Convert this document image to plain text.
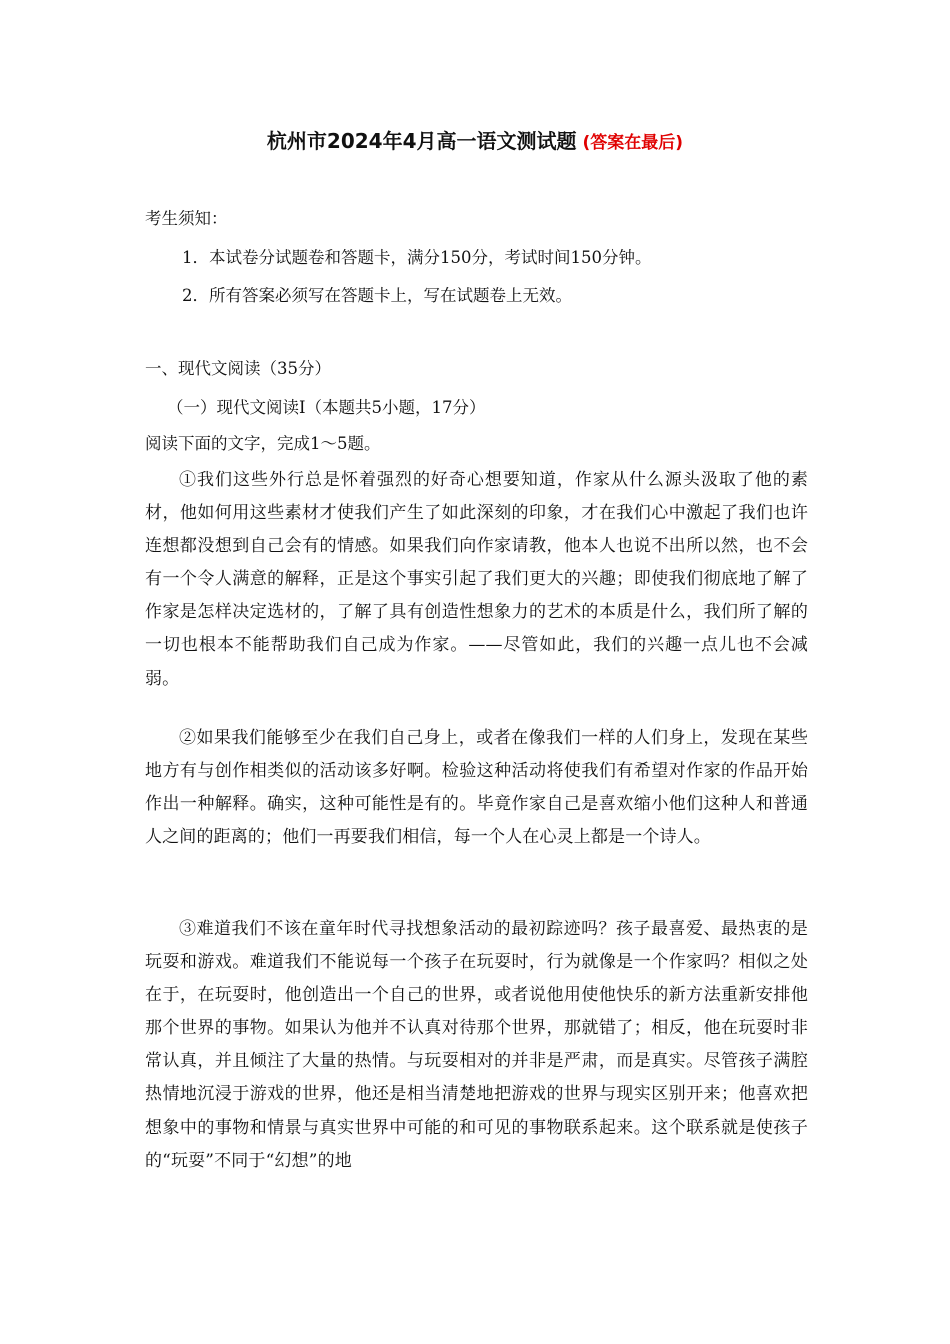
杭州市2024年4月高一语文测试题 (答案在最后)
考生须知：
1．本试卷分试题卷和答题卡，满分150分，考试时间150分钟。
2．所有答案必须写在答题卡上，写在试题卷上无效。
一、现代文阅读（35分）
（一）现代文阅读Ⅰ（本题共5小题，17分）
阅读下面的文字，完成1～5题。
①我们这些外行总是怀着强烈的好奇心想要知道，作家从什么源头汲取了他的素材，他如何用这些素材才使我们产生了如此深刻的印象，才在我们心中激起了我们也许连想都没想到自己会有的情感。如果我们向作家请教，他本人也说不出所以然，也不会有一个令人满意的解释，正是这个事实引起了我们更大的兴趣；即使我们彻底地了解了作家是怎样决定选材的，了解了具有创造性想象力的艺术的本质是什么，我们所了解的一切也根本不能帮助我们自己成为作家。——尽管如此，我们的兴趣一点儿也不会减弱。
②如果我们能够至少在我们自己身上，或者在像我们一样的人们身上，发现在某些地方有与创作相类似的活动该多好啊。检验这种活动将使我们有希望对作家的作品开始作出一种解释。确实，这种可能性是有的。毕竟作家自己是喜欢缩小他们这种人和普通人之间的距离的；他们一再要我们相信，每一个人在心灵上都是一个诗人。
③难道我们不该在童年时代寻找想象活动的最初踪迹吗？孩子最喜爱、最热衷的是玩耍和游戏。难道我们不能说每一个孩子在玩耍时，行为就像是一个作家吗？相似之处在于，在玩耍时，他创造出一个自己的世界，或者说他用使他快乐的新方法重新安排他那个世界的事物。如果认为他并不认真对待那个世界，那就错了；相反，他在玩耍时非常认真，并且倾注了大量的热情。与玩耍相对的并非是严肃，而是真实。尽管孩子满腔热情地沉浸于游戏的世界，他还是相当清楚地把游戏的世界与现实区别开来；他喜欢把想象中的事物和情景与真实世界中可能的和可见的事物联系起来。这个联系就是使孩子的“玩耍”不同于“幻想”的地
